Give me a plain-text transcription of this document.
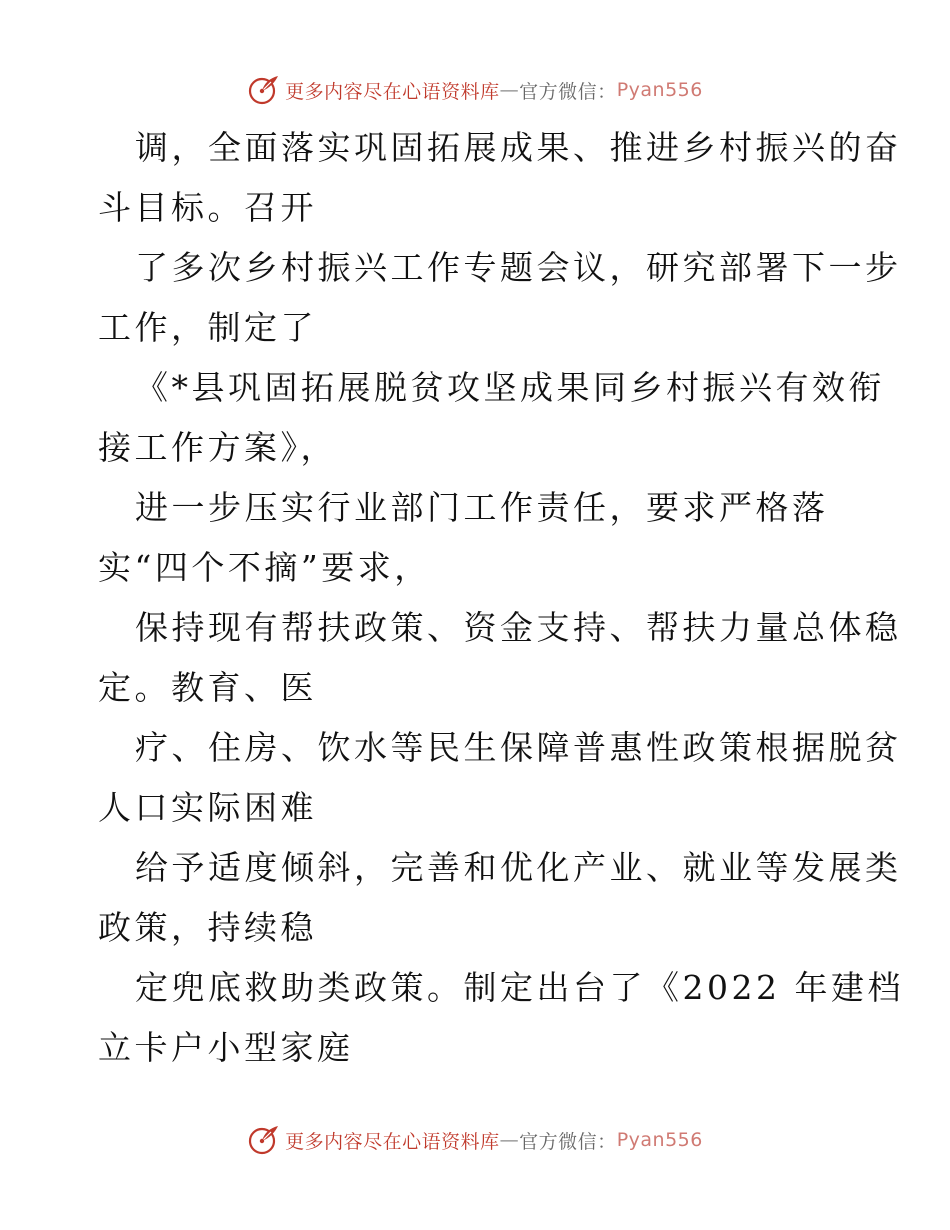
更多内容尽在心语资料库 — 官方微信： Pyan556
调，全面落实巩固拓展成果、推进乡村振兴的奋
斗目标。召开
了多次乡村振兴工作专题会议，研究部署下一步
工作，制定了
《*县巩固拓展脱贫攻坚成果同乡村振兴有效衔
接工作方案》，
进一步压实行业部门工作责任，要求严格落
实“四个不摘”要求，
保持现有帮扶政策、资金支持、帮扶力量总体稳
定。教育、医
疗、住房、饮水等民生保障普惠性政策根据脱贫
人口实际困难
给予适度倾斜，完善和优化产业、就业等发展类
政策，持续稳
定兜底救助类政策。制定出台了《2022 年建档
立卡户小型家庭
更多内容尽在心语资料库 — 官方微信： Pyan556
